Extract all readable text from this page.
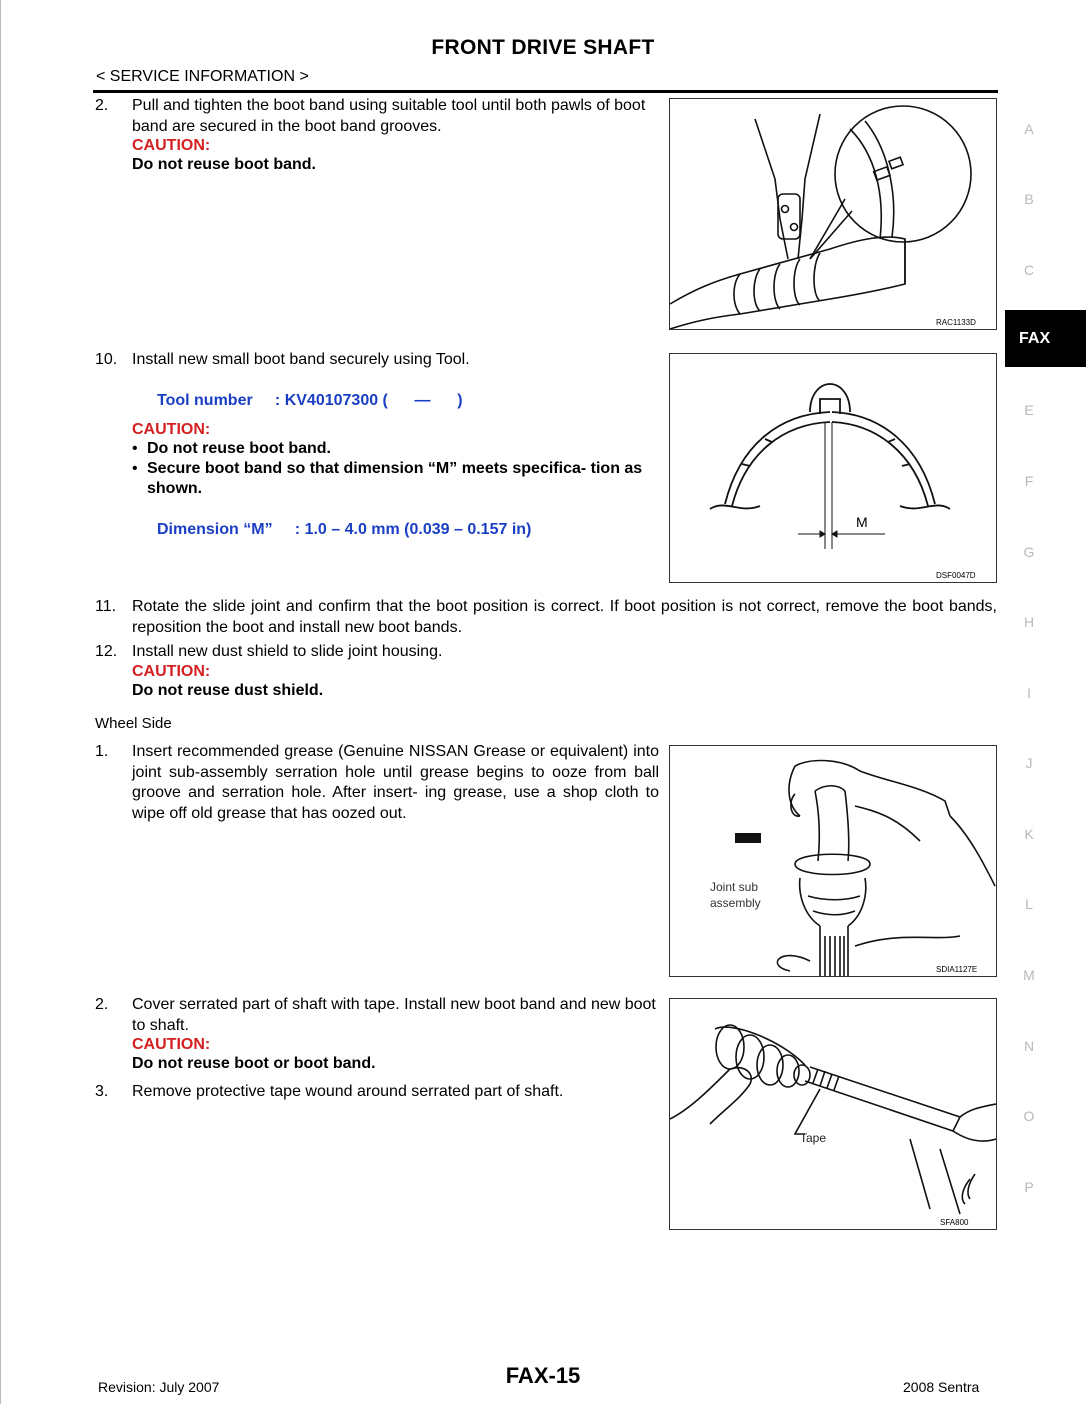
FRONT DRIVE SHAFT
< SERVICE INFORMATION >
2. Pull and tighten the boot band using suitable tool until both pawls of boot band are secured in the boot band grooves.
CAUTION:
Do not reuse boot band.
RAC1133D
10. Install new small boot band securely using Tool.
Tool number     : KV40107300 (      —      )
CAUTION:
• Do not reuse boot band.
• Secure boot band so that dimension “M” meets specifica- tion as shown.
Dimension “M”     : 1.0 – 4.0 mm (0.039 – 0.157 in)	M
DSF0047D
11. Rotate the slide joint and confirm that the boot position is correct. If boot position is not correct, remove the boot bands, reposition the boot and install new boot bands.
12. Install new dust shield to slide joint housing.
CAUTION:
Do not reuse dust shield.
Wheel Side
1. Insert recommended grease (Genuine NISSAN Grease or equivalent) into joint sub-assembly serration hole until grease begins to ooze from ball groove and serration hole. After insert- ing grease, use a shop cloth to wipe off old grease that has oozed out.
Joint sub
assembly
SDIA1127E
2. Cover serrated part of shaft with tape. Install new boot band and new boot to shaft.
CAUTION:
Do not reuse boot or boot band.
3. Remove protective tape wound around serrated part of shaft.
Tape
SFA800
A
B
C
FAX
E
F
G
H
I
J
K
L
M
N
O
P
FAX-15
Revision: July 2007	2008 Sentra
